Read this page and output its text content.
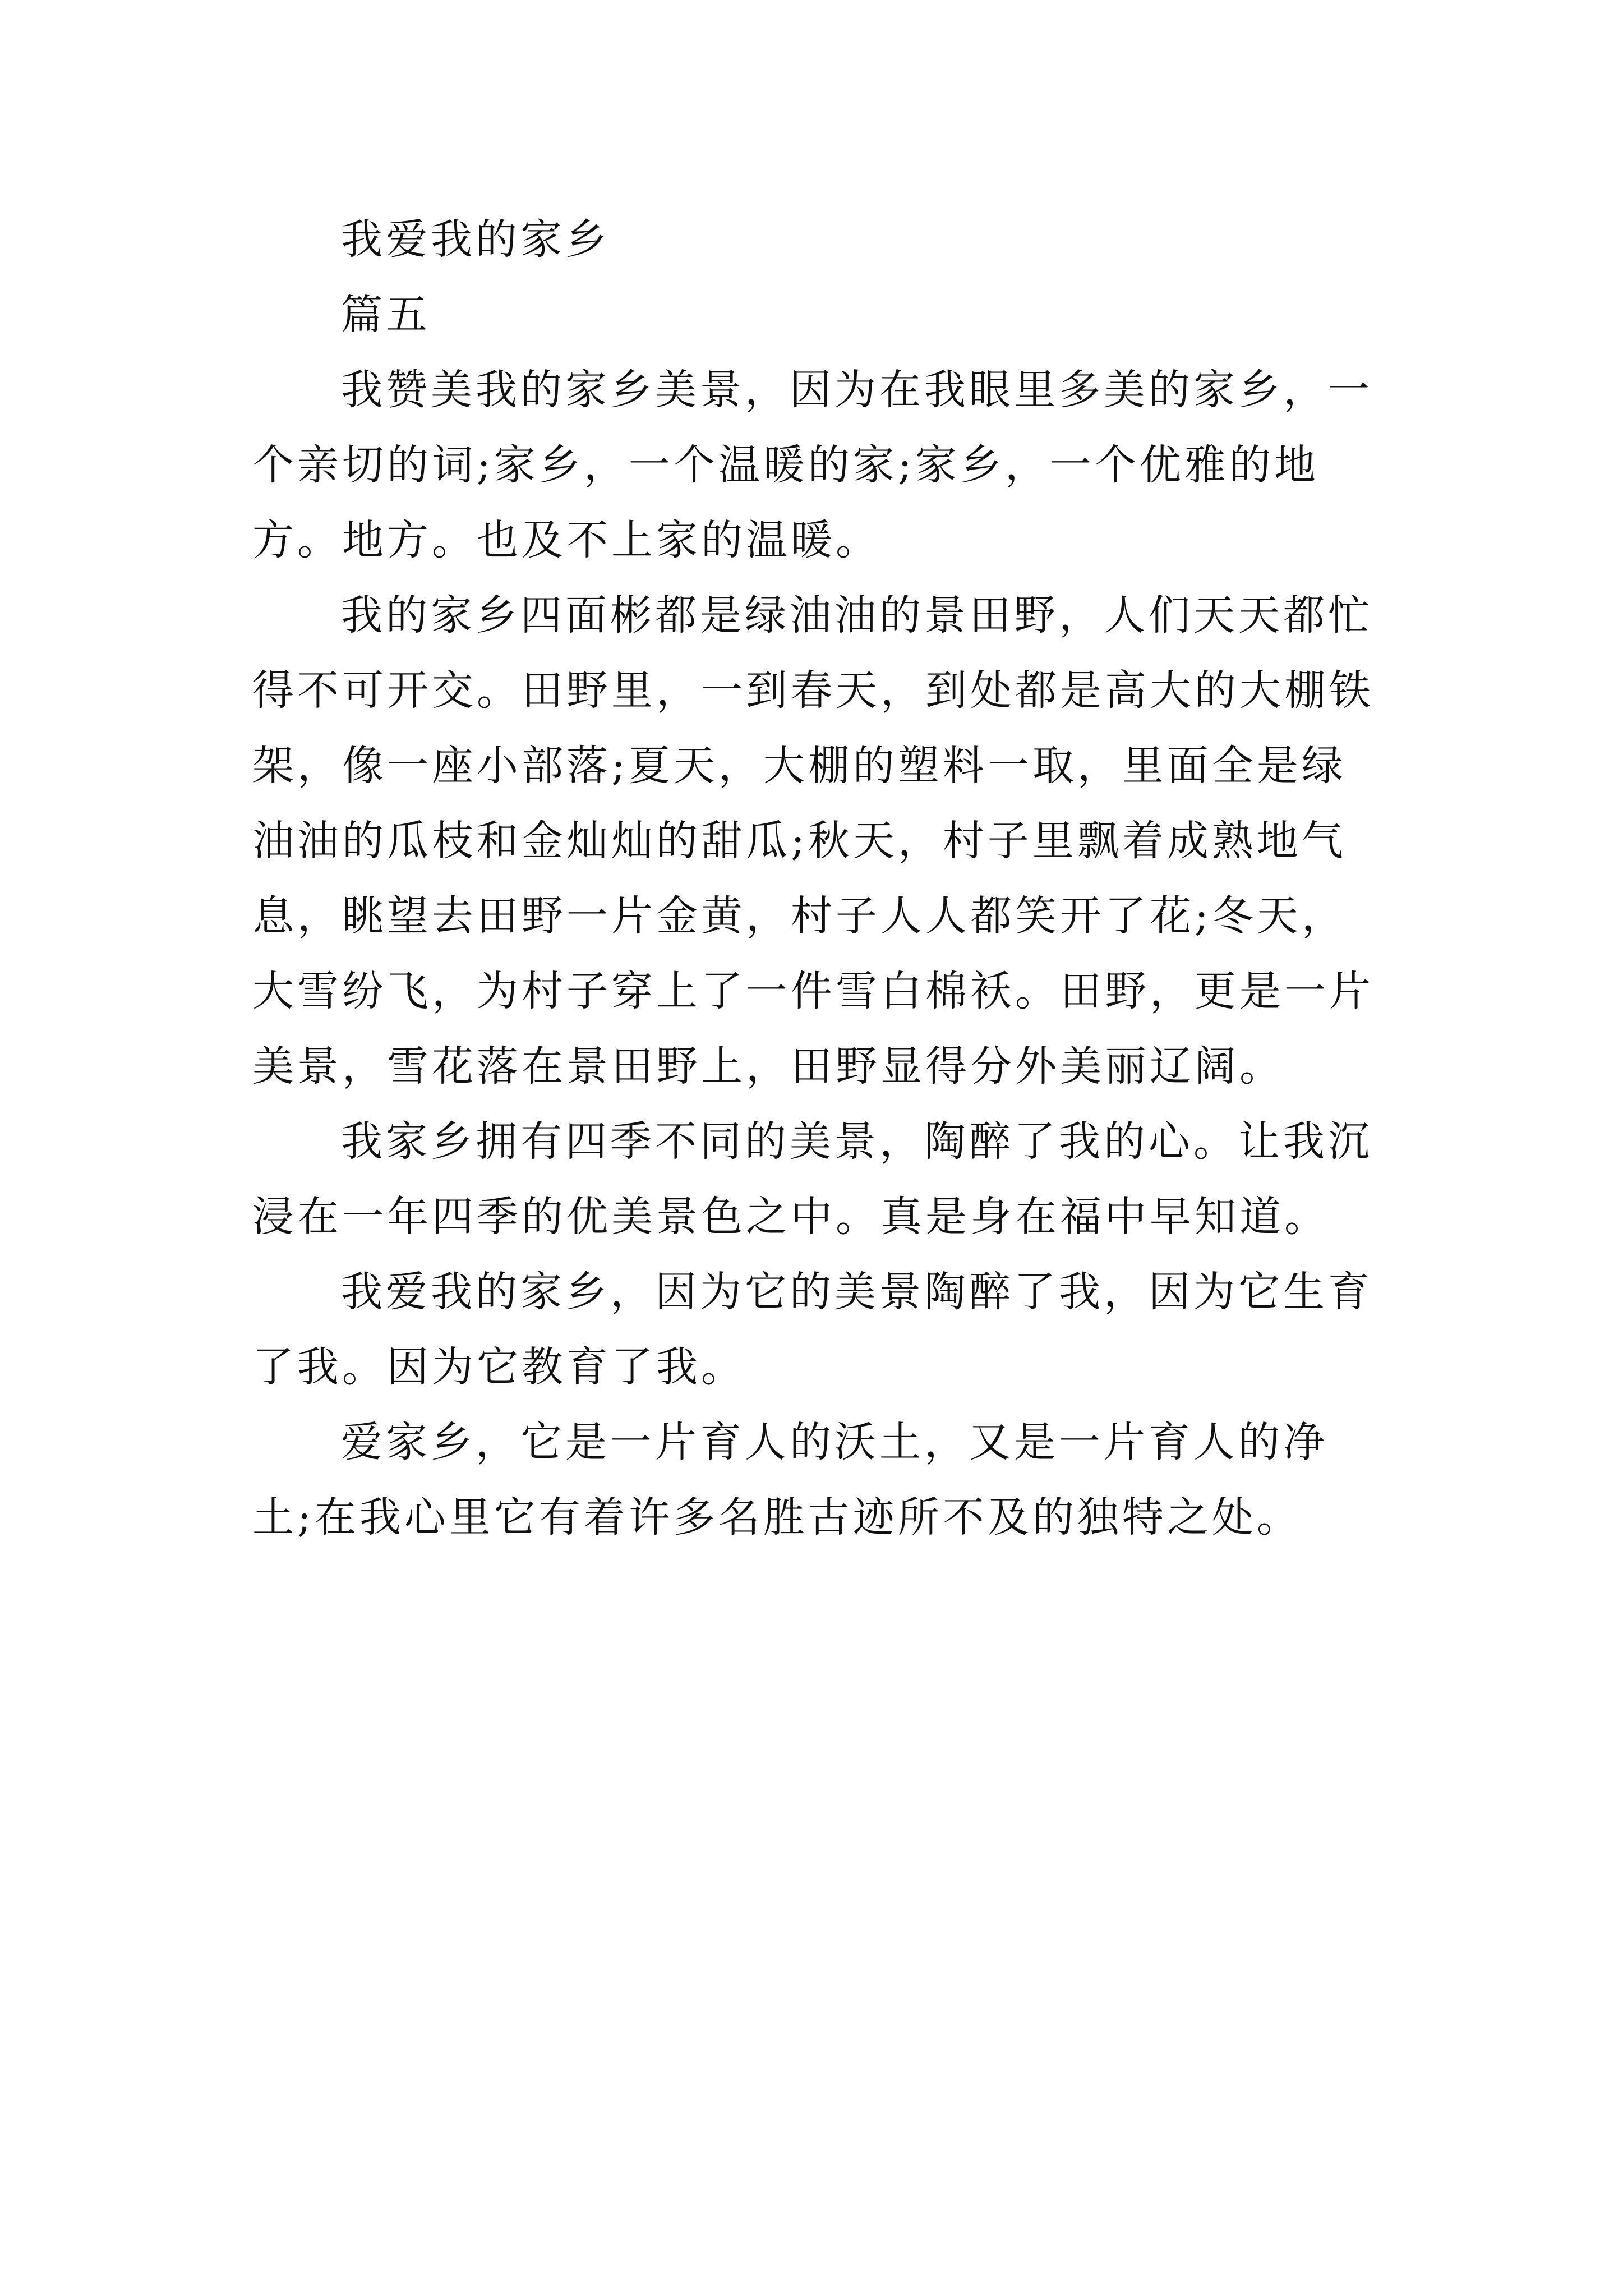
我爱我的家乡

篇五

我赞美我的家乡美景，因为在我眼里多美的家乡，一个亲切的词;家乡，一个温暖的家;家乡，一个优雅的地方。地方。也及不上家的温暖。

我的家乡四面彬都是绿油油的景田野，人们天天都忙得不可开交。田野里，一到春天，到处都是高大的大棚铁架，像一座小部落;夏天，大棚的塑料一取，里面全是绿油油的瓜枝和金灿灿的甜瓜;秋天，村子里飘着成熟地气息，眺望去田野一片金黄，村子人人都笑开了花;冬天，大雪纷飞，为村子穿上了一件雪白棉袄。田野，更是一片美景，雪花落在景田野上，田野显得分外美丽辽阔。

我家乡拥有四季不同的美景，陶醉了我的心。让我沉浸在一年四季的优美景色之中。真是身在福中早知道。

我爱我的家乡，因为它的美景陶醉了我，因为它生育了我。因为它教育了我。

爱家乡，它是一片育人的沃土，又是一片育人的净土;在我心里它有着许多名胜古迹所不及的独特之处。
